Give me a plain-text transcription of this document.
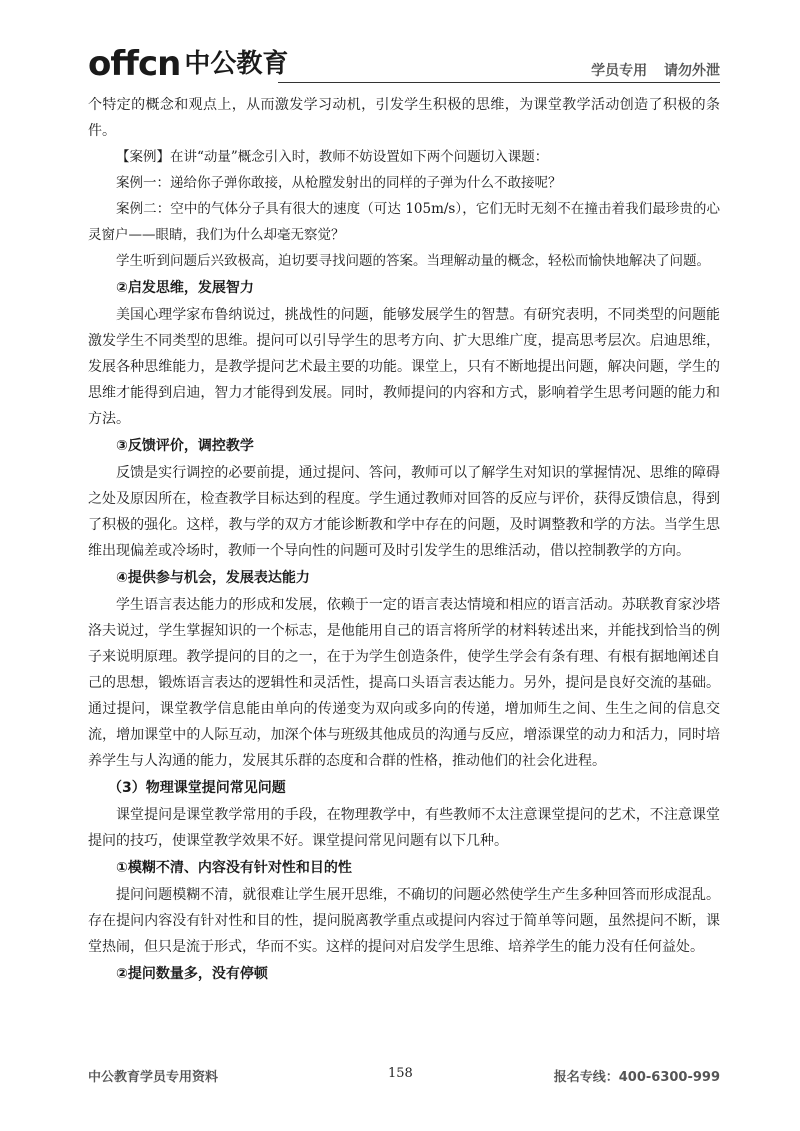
offcn 中公教育	学员专用 请勿外泄

个特定的概念和观点上，从而激发学习动机，引发学生积极的思维，为课堂教学活动创造了积极的条件。

【案例】在讲“动量”概念引入时，教师不妨设置如下两个问题切入课题：

案例一：递给你子弹你敢接，从枪膛发射出的同样的子弹为什么不敢接呢？

案例二：空中的气体分子具有很大的速度（可达 105m/s），它们无时无刻不在撞击着我们最珍贵的心灵窗户——眼睛，我们为什么却毫无察觉？

学生听到问题后兴致极高，迫切要寻找问题的答案。当理解动量的概念，轻松而愉快地解决了问题。

②启发思维，发展智力

美国心理学家布鲁纳说过，挑战性的问题，能够发展学生的智慧。有研究表明，不同类型的问题能激发学生不同类型的思维。提问可以引导学生的思考方向、扩大思维广度，提高思考层次。启迪思维，发展各种思维能力，是教学提问艺术最主要的功能。课堂上，只有不断地提出问题，解决问题，学生的思维才能得到启迪，智力才能得到发展。同时，教师提问的内容和方式，影响着学生思考问题的能力和方法。

③反馈评价，调控教学

反馈是实行调控的必要前提，通过提问、答问，教师可以了解学生对知识的掌握情况、思维的障碍之处及原因所在，检查教学目标达到的程度。学生通过教师对回答的反应与评价，获得反馈信息，得到了积极的强化。这样，教与学的双方才能诊断教和学中存在的问题，及时调整教和学的方法。当学生思维出现偏差或冷场时，教师一个导向性的问题可及时引发学生的思维活动，借以控制教学的方向。

④提供参与机会，发展表达能力

学生语言表达能力的形成和发展，依赖于一定的语言表达情境和相应的语言活动。苏联教育家沙塔洛夫说过，学生掌握知识的一个标志，是他能用自己的语言将所学的材料转述出来，并能找到恰当的例子来说明原理。教学提问的目的之一，在于为学生创造条件，使学生学会有条有理、有根有据地阐述自己的思想，锻炼语言表达的逻辑性和灵活性，提高口头语言表达能力。另外，提问是良好交流的基础。通过提问，课堂教学信息能由单向的传递变为双向或多向的传递，增加师生之间、生生之间的信息交流，增加课堂中的人际互动，加深个体与班级其他成员的沟通与反应，增添课堂的动力和活力，同时培养学生与人沟通的能力，发展其乐群的态度和合群的性格，推动他们的社会化进程。

（3）物理课堂提问常见问题

课堂提问是课堂教学常用的手段，在物理教学中，有些教师不太注意课堂提问的艺术，不注意课堂提问的技巧，使课堂教学效果不好。课堂提问常见问题有以下几种。

①模糊不清、内容没有针对性和目的性

提问问题模糊不清，就很难让学生展开思维，不确切的问题必然使学生产生多种回答而形成混乱。存在提问内容没有针对性和目的性，提问脱离教学重点或提问内容过于简单等问题，虽然提问不断，课堂热闹，但只是流于形式，华而不实。这样的提问对启发学生思维、培养学生的能力没有任何益处。

②提问数量多，没有停顿

中公教育学员专用资料	158	报名专线：400-6300-999
